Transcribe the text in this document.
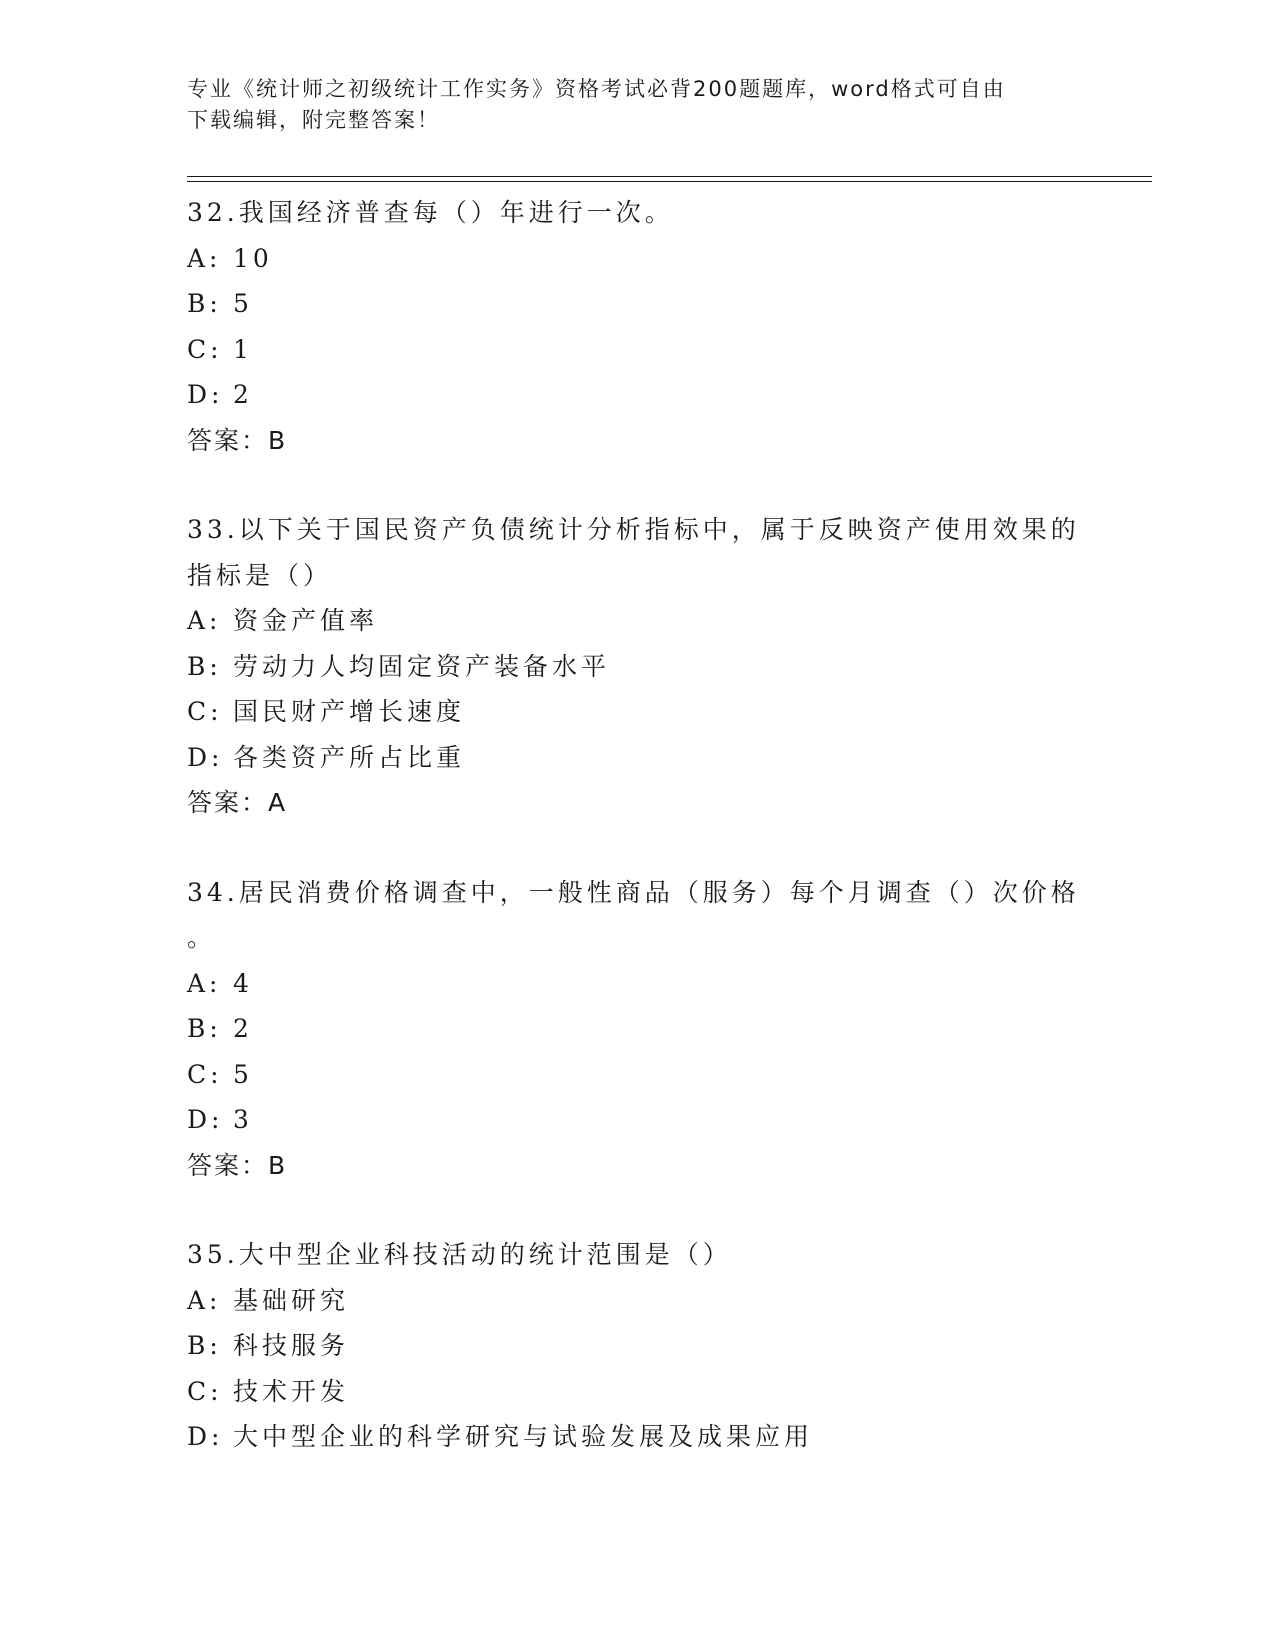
专业《统计师之初级统计工作实务》资格考试必背200题题库，word格式可自由
下载编辑，附完整答案！
32.我国经济普查每（）年进行一次。
A: 10
B: 5
C: 1
D: 2
答案：B
33.以下关于国民资产负债统计分析指标中，属于反映资产使用效果的
指标是（）
A: 资金产值率
B: 劳动力人均固定资产装备水平
C: 国民财产增长速度
D: 各类资产所占比重
答案：A
34.居民消费价格调查中，一般性商品（服务）每个月调查（）次价格
。
A: 4
B: 2
C: 5
D: 3
答案：B
35.大中型企业科技活动的统计范围是（）
A: 基础研究
B: 科技服务
C: 技术开发
D: 大中型企业的科学研究与试验发展及成果应用
